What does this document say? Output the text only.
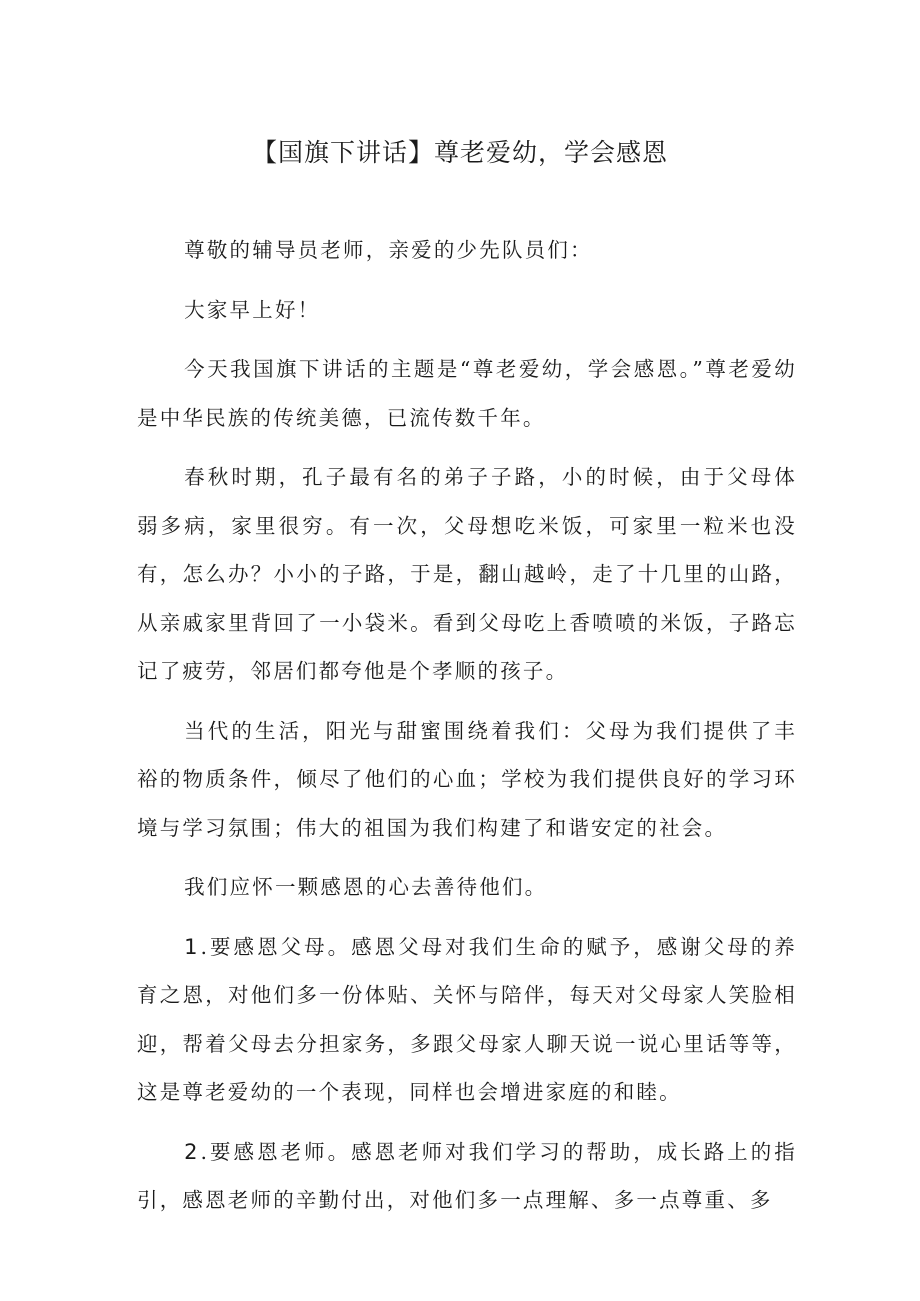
【国旗下讲话】尊老爱幼，学会感恩

尊敬的辅导员老师，亲爱的少先队员们：

大家早上好！

今天我国旗下讲话的主题是“尊老爱幼，学会感恩。”尊老爱幼是中华民族的传统美德，已流传数千年。

春秋时期，孔子最有名的弟子子路，小的时候，由于父母体弱多病，家里很穷。有一次，父母想吃米饭，可家里一粒米也没有，怎么办？小小的子路，于是，翻山越岭，走了十几里的山路，从亲戚家里背回了一小袋米。看到父母吃上香喷喷的米饭，子路忘记了疲劳，邻居们都夸他是个孝顺的孩子。

当代的生活，阳光与甜蜜围绕着我们：父母为我们提供了丰裕的物质条件，倾尽了他们的心血；学校为我们提供良好的学习环境与学习氛围；伟大的祖国为我们构建了和谐安定的社会。

我们应怀一颗感恩的心去善待他们。

1.要感恩父母。感恩父母对我们生命的赋予，感谢父母的养育之恩，对他们多一份体贴、关怀与陪伴，每天对父母家人笑脸相迎，帮着父母去分担家务，多跟父母家人聊天说一说心里话等等，这是尊老爱幼的一个表现，同样也会增进家庭的和睦。

2.要感恩老师。感恩老师对我们学习的帮助，成长路上的指引，感恩老师的辛勤付出，对他们多一点理解、多一点尊重、多
